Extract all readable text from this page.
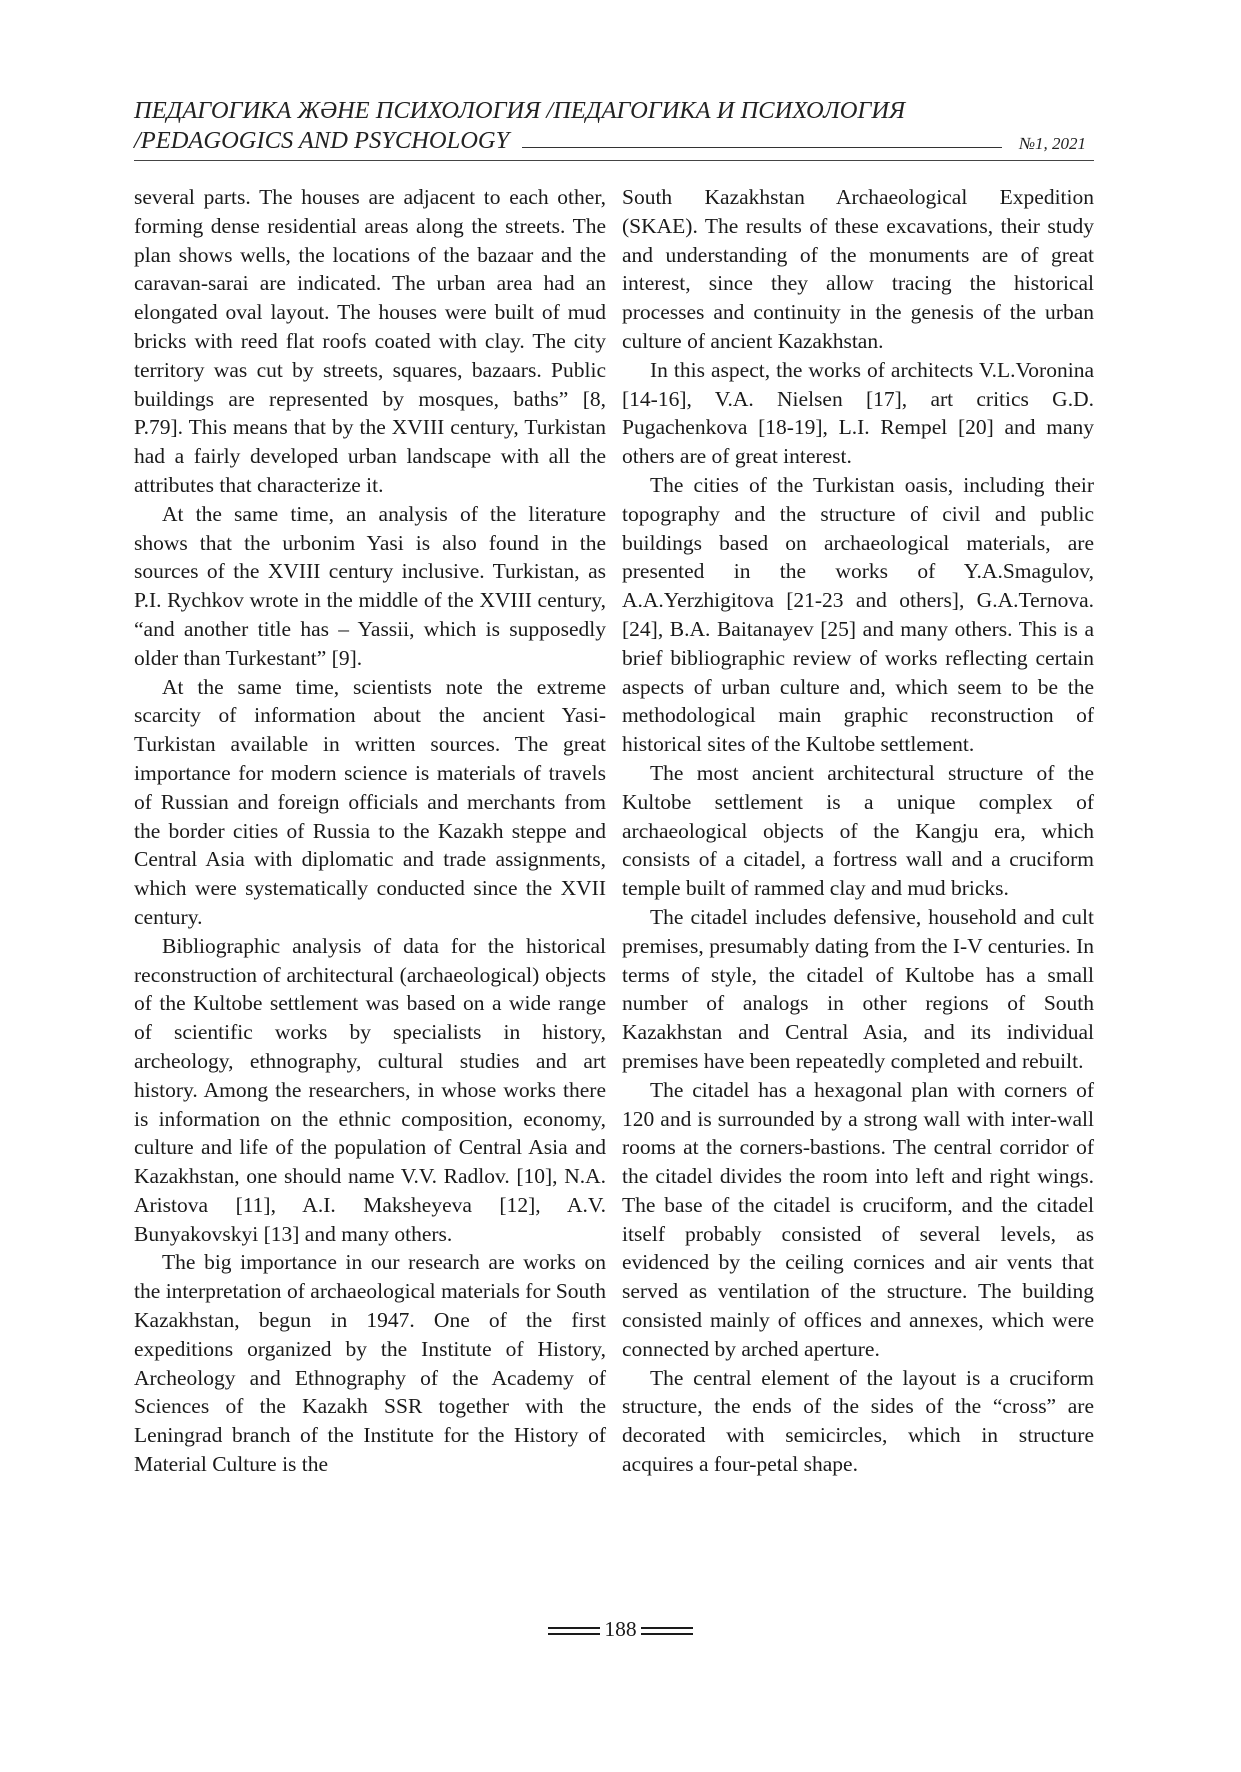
ПЕДАГОГИКА ЖӘНЕ ПСИХОЛОГИЯ /ПЕДАГОГИКА И ПСИХОЛОГИЯ
/PEDAGOGICS AND PSYCHOLOGY	№1, 2021

several parts. The houses are adjacent to each other, forming dense residential areas along the streets. The plan shows wells, the locations of the bazaar and the caravan-sarai are indicated. The urban area had an elongated oval layout. The houses were built of mud bricks with reed flat roofs coated with clay. The city territory was cut by streets, squares, bazaars. Public buildings are represented by mosques, baths” [8, P.79]. This means that by the XVIII century, Turkistan had a fairly developed urban landscape with all the attributes that characterize it.

At the same time, an analysis of the literature shows that the urbonim Yasi is also found in the sources of the XVIII century inclusive. Turkistan, as P.I. Rychkov wrote in the middle of the XVIII century, “and another title has – Yassii, which is supposedly older than Turkestant” [9].

At the same time, scientists note the extreme scarcity of information about the ancient Yasi-Turkistan available in written sources. The great importance for modern science is materials of travels of Russian and foreign officials and merchants from the border cities of Russia to the Kazakh steppe and Central Asia with diplomatic and trade assignments, which were systematically conducted since the XVII century.

Bibliographic analysis of data for the historical reconstruction of architectural (archaeological) objects of the Kultobe settlement was based on a wide range of scientific works by specialists in history, archeology, ethnography, cultural studies and art history. Among the researchers, in whose works there is information on the ethnic composition, economy, culture and life of the population of Central Asia and Kazakhstan, one should name V.V. Radlov. [10], N.A. Aristova [11], A.I. Maksheyeva [12], A.V. Bunyakovskyi [13] and many others.

The big importance in our research are works on the interpretation of archaeological materials for South Kazakhstan, begun in 1947. One of the first expeditions organized by the Institute of History, Archeology and Ethnography of the Academy of Sciences of the Kazakh SSR together with the Leningrad branch of the Institute for the History of Material Culture is the

South Kazakhstan Archaeological Expedition (SKAE). The results of these excavations, their study and understanding of the monuments are of great interest, since they allow tracing the historical processes and continuity in the genesis of the urban culture of ancient Kazakhstan.

In this aspect, the works of architects V.L.Voronina [14-16], V.A. Nielsen [17], art critics G.D. Pugachenkova [18-19], L.I. Rempel [20] and many others are of great interest.

The cities of the Turkistan oasis, including their topography and the structure of civil and public buildings based on archaeological materials, are presented in the works of Y.A.Smagulov, A.A.Yerzhigitova [21-23 and others], G.A.Ternova. [24], B.A. Baitanayev [25] and many others. This is a brief bibliographic review of works reflecting certain aspects of urban culture and, which seem to be the methodological main graphic reconstruction of historical sites of the Kultobe settlement.

The most ancient architectural structure of the Kultobe settlement is a unique complex of archaeological objects of the Kangju era, which consists of a citadel, a fortress wall and a cruciform temple built of rammed clay and mud bricks.

The citadel includes defensive, household and cult premises, presumably dating from the I-V centuries. In terms of style, the citadel of Kultobe has a small number of analogs in other regions of South Kazakhstan and Central Asia, and its individual premises have been repeatedly completed and rebuilt.

The citadel has a hexagonal plan with corners of 120 and is surrounded by a strong wall with inter-wall rooms at the corners-bastions. The central corridor of the citadel divides the room into left and right wings. The base of the citadel is cruciform, and the citadel itself probably consisted of several levels, as evidenced by the ceiling cornices and air vents that served as ventilation of the structure. The building consisted mainly of offices and annexes, which were connected by arched aperture.

The central element of the layout is a cruciform structure, the ends of the sides of the “cross” are decorated with semicircles, which in structure acquires a four-petal shape.

188
